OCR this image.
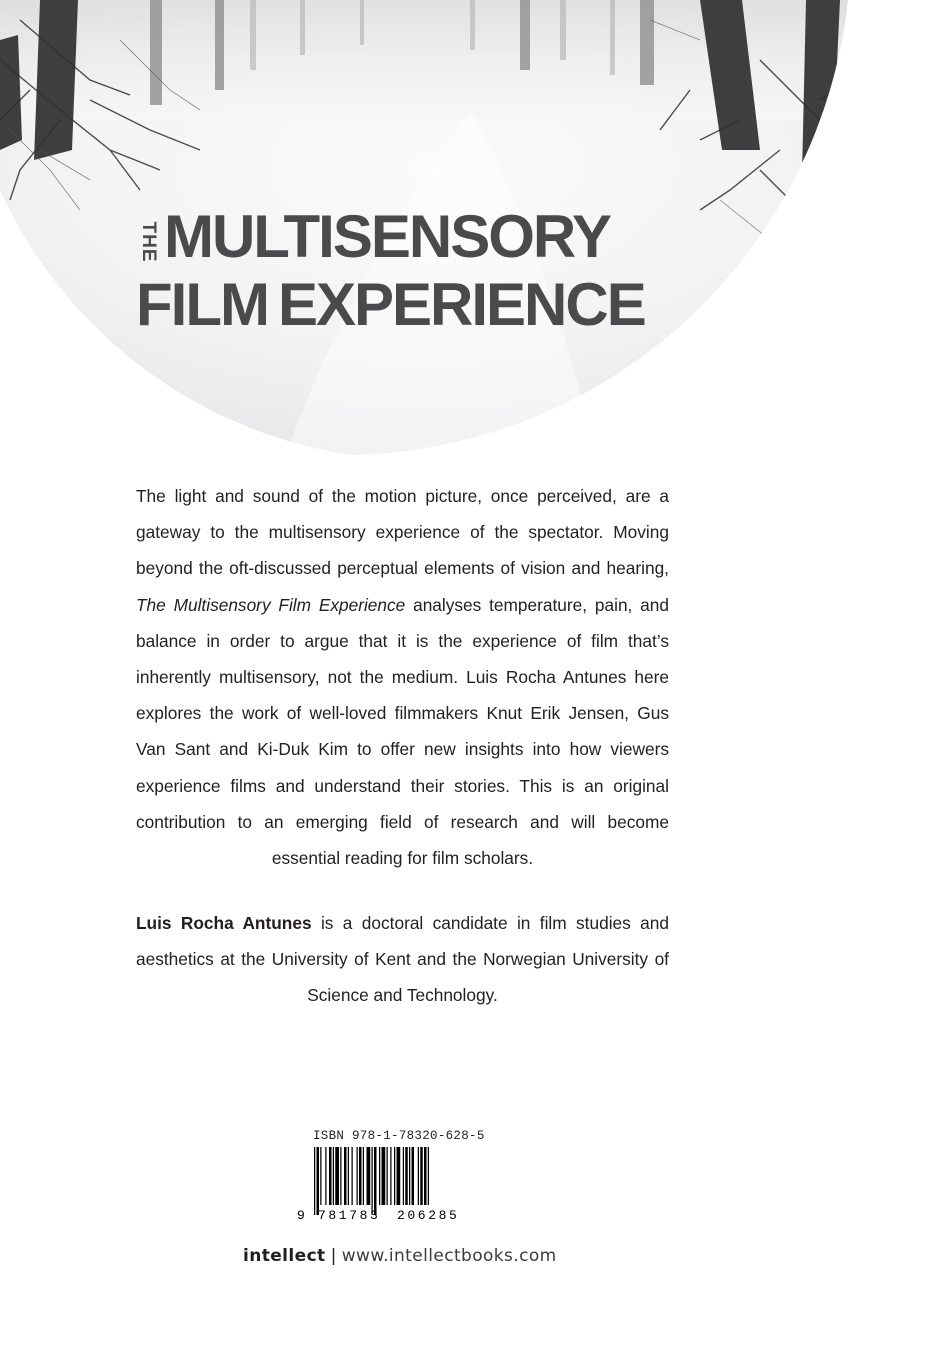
THE MULTISENSORY
FILM EXPERIENCE
The light and sound of the motion picture, once perceived, are a gateway to the multisensory experience of the spectator. Moving beyond the oft-discussed perceptual elements of vision and hearing, The Multisensory Film Experience analyses temperature, pain, and balance in order to argue that it is the experience of film that’s inherently multisensory, not the medium. Luis Rocha Antunes here explores the work of well-loved filmmakers Knut Erik Jensen, Gus Van Sant and Ki-Duk Kim to offer new insights into how viewers experience films and understand their stories. This is an original contribution to an emerging field of research and will become essential reading for film scholars.
Luis Rocha Antunes is a doctoral candidate in film studies and aesthetics at the University of Kent and the Norwegian University of Science and Technology.
ISBN 978-1-78320-628-5
9 781783 206285
intellect | www.intellectbooks.com
